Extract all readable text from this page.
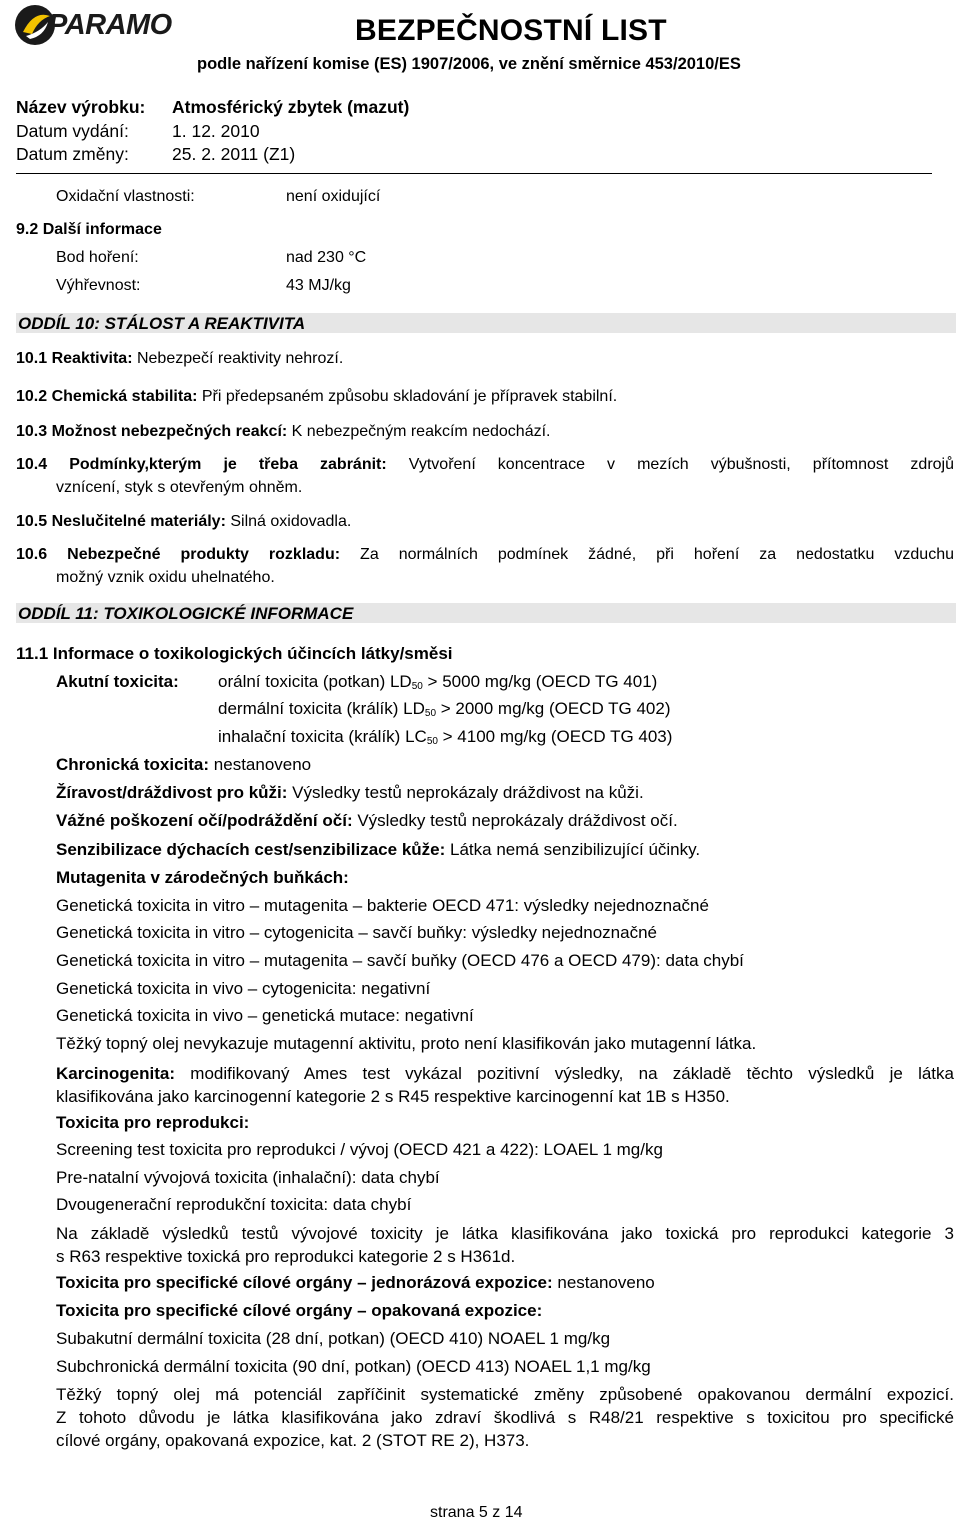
PARAMO	BEZPEČNOSTNÍ LIST
podle nařízení komise (ES) 1907/2006, ve znění směrnice 453/2010/ES
Název výrobku: Atmosférický zbytek (mazut)
Datum vydání: 1. 12. 2010
Datum změny: 25. 2. 2011 (Z1)
Oxidační vlastnosti:	není oxidující
9.2 Další informace
Bod hoření:	nad 230 °C
Výhřevnost:	43 MJ/kg
ODDÍL 10: STÁLOST A REAKTIVITA
10.1 Reaktivita: Nebezpečí reaktivity nehrozí.
10.2 Chemická stabilita: Při předepsaném způsobu skladování je přípravek stabilní.
10.3 Možnost nebezpečných reakcí: K nebezpečným reakcím nedochází.
10.4 Podmínky,kterým je třeba zabránit: Vytvoření koncentrace v mezích výbušnosti, přítomnost zdrojů
vznícení, styk s otevřeným ohněm.
10.5 Neslučitelné materiály: Silná oxidovadla.
10.6 Nebezpečné produkty rozkladu: Za normálních podmínek žádné, při hoření za nedostatku vzduchu
možný vznik oxidu uhelnatého.
ODDÍL 11: TOXIKOLOGICKÉ INFORMACE
11.1 Informace o toxikologických účincích látky/směsi
Akutní toxicita: orální toxicita (potkan) $LD_{50} > 5000$ mg/kg (OECD TG 401)
dermální toxicita (králík) $LD_{50} > 2000$ mg/kg (OECD TG 402)
inhalační toxicita (králík) $LC_{50} > 4100$ mg/kg (OECD TG 403)
Chronická toxicita: nestanoveno
Žíravost/dráždivost pro kůži: Výsledky testů neprokázaly dráždivost na kůži.
Vážné poškození očí/podráždění očí: Výsledky testů neprokázaly dráždivost očí.
Senzibilizace dýchacích cest/senzibilizace kůže: Látka nemá senzibilizující účinky.
Mutagenita v zárodečných buňkách:
Genetická toxicita in vitro – mutagenita – bakterie OECD 471: výsledky nejednoznačné
Genetická toxicita in vitro – cytogenicita – savčí buňky: výsledky nejednoznačné
Genetická toxicita in vitro – mutagenita – savčí buňky (OECD 476 a OECD 479): data chybí
Genetická toxicita in vivo – cytogenicita: negativní
Genetická toxicita in vivo – genetická mutace: negativní
Těžký topný olej nevykazuje mutagenní aktivitu, proto není klasifikován jako mutagenní látka.
Karcinogenita: modifikovaný Ames test vykázal pozitivní výsledky, na základě těchto výsledků je látka
klasifikována jako karcinogenní kategorie 2 s R45 respektive karcinogenní kat 1B s H350.
Toxicita pro reprodukci:
Screening test toxicita pro reprodukci / vývoj (OECD 421 a 422): LOAEL 1 mg/kg
Pre-natalní vývojová toxicita (inhalační): data chybí
Dvougenerační reprodukční toxicita: data chybí
Na základě výsledků testů vývojové toxicity je látka klasifikována jako toxická pro reprodukci kategorie 3
s R63 respektive toxická pro reprodukci kategorie 2 s H361d.
Toxicita pro specifické cílové orgány – jednorázová expozice: nestanoveno
Toxicita pro specifické cílové orgány – opakovaná expozice:
Subakutní dermální toxicita (28 dní, potkan) (OECD 410) NOAEL 1 mg/kg
Subchronická dermální toxicita (90 dní, potkan) (OECD 413) NOAEL 1,1 mg/kg
Těžký topný olej má potenciál zapříčinit systematické změny způsobené opakovanou dermální expozicí.
Z tohoto důvodu je látka klasifikována jako zdraví škodlivá s R48/21 respektive s toxicitou pro specifické
cílové orgány, opakovaná expozice, kat. 2 (STOT RE 2), H373.
strana 5 z 14
